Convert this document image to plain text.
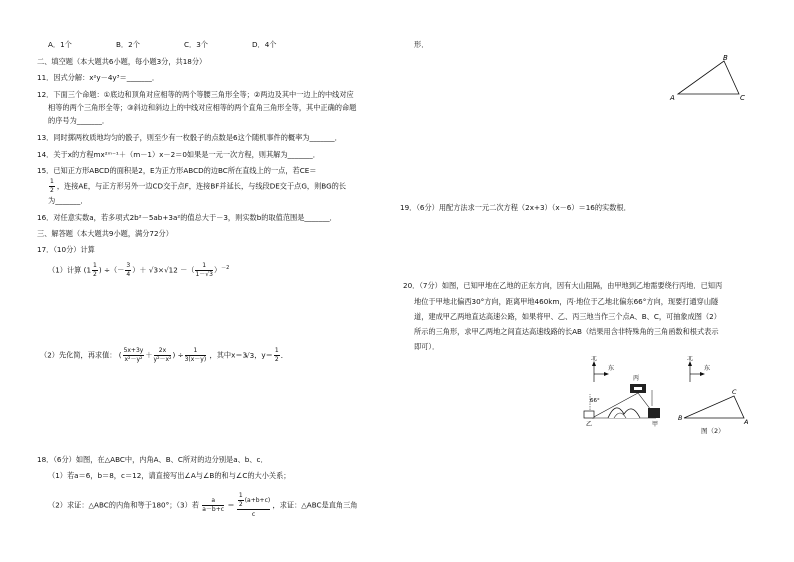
A．1个	B．2个	C．3个	D．4个
二、填空题（本大题共6小题，每小题3分，共18分）
11．因式分解：x²y－4y³＝_______．
12．下面三个命题：①底边和顶角对应相等的两个等腰三角形全等；②两边及其中一边上的中线对应
相等的两个三角形全等；③斜边和斜边上的中线对应相等的两个直角三角形全等，其中正确的命题
的序号为_______．
13．同时掷两枚质地均匀的骰子，则至少有一枚骰子的点数是6这个随机事件的概率为_______．
14．关于x的方程mx²ᵐ⁻¹＋（m－1）x－2＝0如果是一元一次方程，则其解为_______．
15．已知正方形ABCD的面积是2，E为正方形ABCD的边BC所在直线上的一点，若CE＝
$\frac{1}{2}$ ，连接AE，与正方形另外一边CD交于点F，连接BF并延长，与线段DE交于点G，则BG的长
为_______．
16．对任意实数a，若多项式2b²－5ab+3a²的值总大于－3，则实数b的取值范围是_______．
三、解答题（本大题共9小题，满分72分）
17．（10分）计算
（1）计算 ($1 \frac{1}{2}$ ) ÷（－ $\frac{3}{4}$ ）＋ √3×√12 －（ $\frac{1}{1-√3} )^{-2}$
（2）先化简，再求值： ( $\frac{5x+3y}{\text{x²－y²}} + \frac{2x}{\text{y²－x²}}$ ) ÷ $\frac{1}{3(x-y)}$ ，其中x＝3√3，$y= \frac{1}{2}$ ．
18．（6分）如图，在△ABC中，内角A、B、C所对的边分别是a、b、c．
（1）若a＝6，b＝8，c＝12，请直接写出∠A与∠B的和与∠C的大小关系；
（2）求证：△ABC的内角和等于180°；（3）若 $\frac{a}{a-b+c} = \frac{\frac{1}{2} (a+b+c)}{c}$ ，求证：△ABC是直角三角
形．
A
B
C
19．（6分）用配方法求一元二次方程（2x+3）（x－6）＝16的实数根．
20．（7分）如图，已知甲地在乙地的正东方向，因有大山阻隔，由甲地到乙地需要绕行丙地．已知丙
地位于甲地北偏西30°方向，距离甲地460km，丙·地位于乙地北偏东66°方向，现要打通穿山隧
道，建成甲乙两地直达高速公路，如果将甲、乙、丙三地当作三个点A、B、C，可抽象成图（2）
所示的三角形，求甲乙两地之间直达高速线路的长AB（结果用含非特殊角的三角函数和根式表示
即可）．
北
东
丙
66°
乙	甲
北
东
B
C
A
图（2）
